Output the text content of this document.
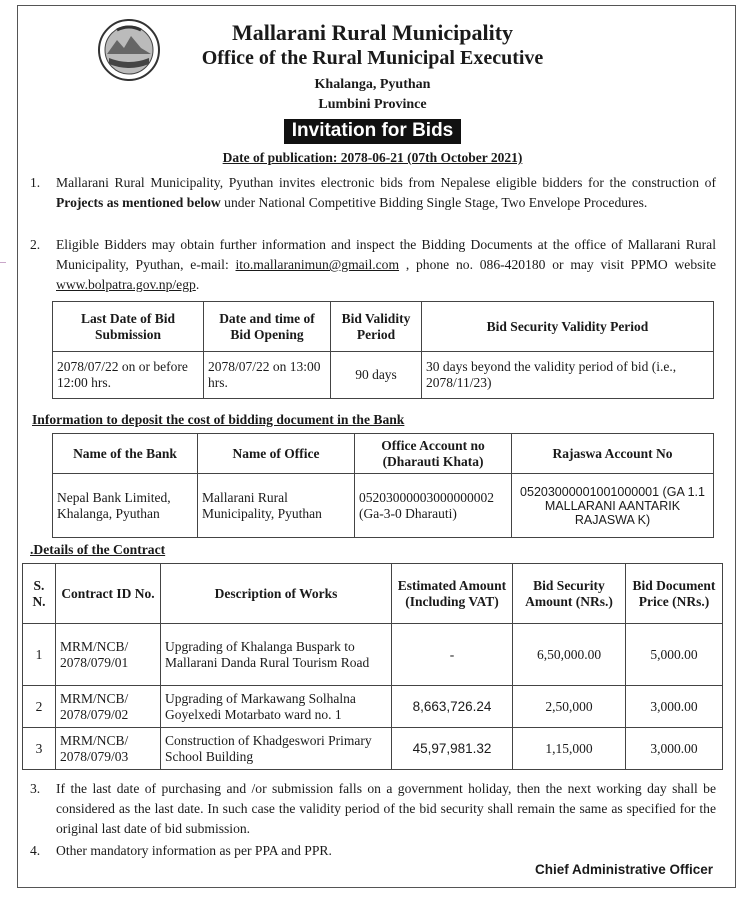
Mallarani Rural Municipality
Office of the Rural Municipal Executive
Khalanga, Pyuthan
Lumbini Province
Invitation for Bids
Date of publication: 2078-06-21 (07th October 2021)
1. Mallarani Rural Municipality, Pyuthan invites electronic bids from Nepalese eligible bidders for the construction of Projects as mentioned below under National Competitive Bidding Single Stage, Two Envelope Procedures.
2. Eligible Bidders may obtain further information and inspect the Bidding Documents at the office of Mallarani Rural Municipality, Pyuthan, e-mail: ito.mallaranimun@gmail.com , phone no. 086-420180 or may visit PPMO website www.bolpatra.gov.np/egp.
Last Date of Bid Submission	Date and time of Bid Opening	Bid Validity Period	Bid Security Validity Period
2078/07/22 on or before 12:00 hrs.	2078/07/22 on 13:00 hrs.	90 days	30 days beyond the validity period of bid (i.e., 2078/11/23)
Information to deposit the cost of bidding document in the Bank
Name of the Bank	Name of Office	Office Account no (Dharauti Khata)	Rajaswa Account No
Nepal Bank Limited, Khalanga, Pyuthan	Mallarani Rural Municipality, Pyuthan	05203000003000000002 (Ga-3-0 Dharauti)	05203000001001000001 (GA 1.1 MALLARANI AANTARIK RAJASWA K)
.Details of the Contract
S. N.	Contract ID No.	Description of Works	Estimated Amount (Including VAT)	Bid Security Amount (NRs.)	Bid Document Price (NRs.)
1	MRM/NCB/ 2078/079/01	Upgrading of Khalanga Buspark to Mallarani Danda Rural Tourism Road	-	6,50,000.00	5,000.00
2	MRM/NCB/ 2078/079/02	Upgrading of Markawang Solhalna Goyelxedi Motarbato ward no. 1	8,663,726.24	2,50,000	3,000.00
3	MRM/NCB/ 2078/079/03	Construction of Khadgeswori Primary School Building	45,97,981.32	1,15,000	3,000.00
3. If the last date of purchasing and /or submission falls on a government holiday, then the next working day shall be considered as the last date. In such case the validity period of the bid security shall remain the same as specified for the original last date of bid submission.
4. Other mandatory information as per PPA and PPR.
Chief Administrative Officer
